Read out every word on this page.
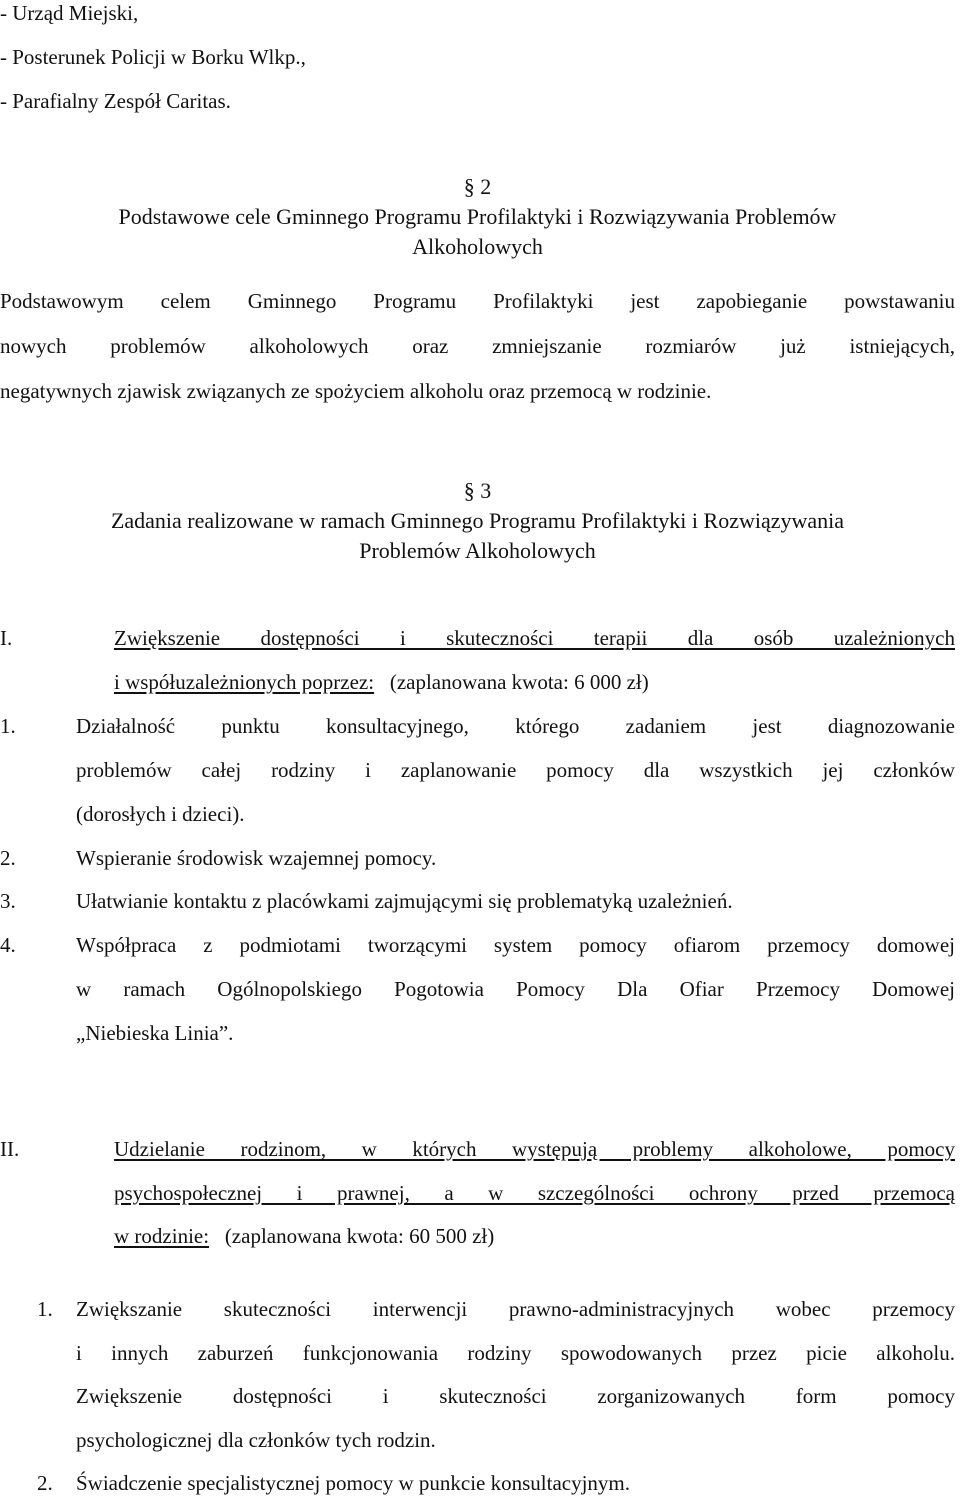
- Urząd Miejski,
- Posterunek Policji w Borku Wlkp.,
- Parafialny Zespół Caritas.
§ 2
Podstawowe cele Gminnego Programu Profilaktyki i Rozwiązywania Problemów
Alkoholowych
Podstawowym celem Gminnego Programu Profilaktyki jest zapobieganie powstawaniu
nowych problemów alkoholowych oraz zmniejszanie rozmiarów już istniejących,
negatywnych zjawisk związanych ze spożyciem alkoholu oraz przemocą w rodzinie.
§ 3
Zadania realizowane w ramach Gminnego Programu Profilaktyki i Rozwiązywania
Problemów Alkoholowych
I.	Zwiększenie dostępności i skuteczności terapii dla osób uzależnionych
i współuzależnionych poprzez: (zaplanowana kwota: 6 000 zł)
1.	Działalność punktu konsultacyjnego, którego zadaniem jest diagnozowanie
problemów całej rodziny i zaplanowanie pomocy dla wszystkich jej członków
(dorosłych i dzieci).
2.	Wspieranie środowisk wzajemnej pomocy.
3.	Ułatwianie kontaktu z placówkami zajmującymi się problematyką uzależnień.
4.	Współpraca z podmiotami tworzącymi system pomocy ofiarom przemocy domowej
w ramach Ogólnopolskiego Pogotowia Pomocy Dla Ofiar Przemocy Domowej
„Niebieska Linia”.
II.	Udzielanie rodzinom, w których występują problemy alkoholowe, pomocy
psychospołecznej i prawnej, a w szczególności ochrony przed przemocą
w rodzinie: (zaplanowana kwota: 60 500 zł)
1. Zwiększanie skuteczności interwencji prawno-administracyjnych wobec przemocy
i innych zaburzeń funkcjonowania rodziny spowodowanych przez picie alkoholu.
Zwiększenie dostępności i skuteczności zorganizowanych form pomocy
psychologicznej dla członków tych rodzin.
2. Świadczenie specjalistycznej pomocy w punkcie konsultacyjnym.
